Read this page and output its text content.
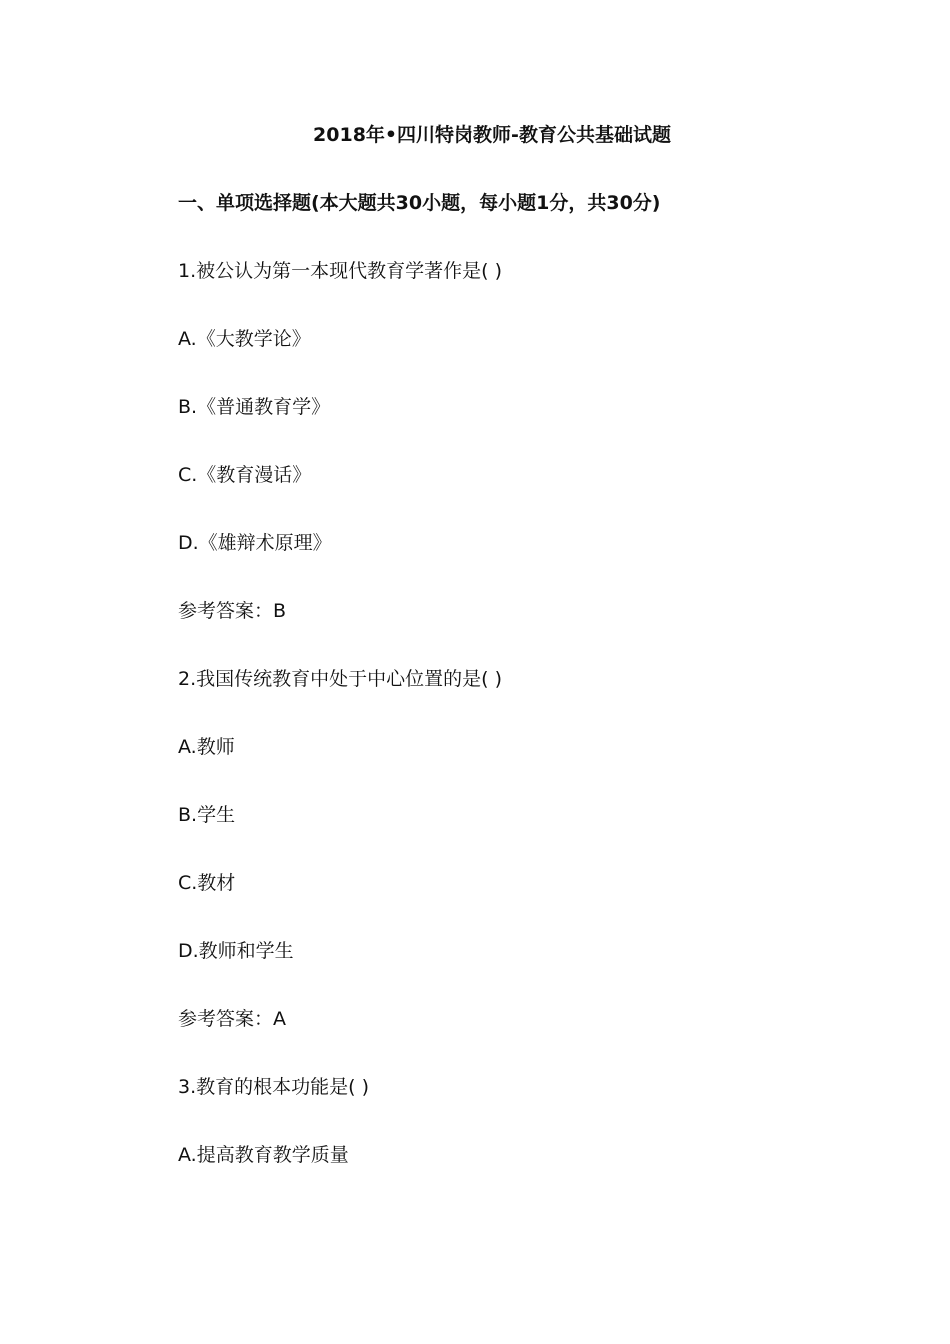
2018年•四川特岗教师-教育公共基础试题
一、单项选择题(本大题共30小题，每小题1分，共30分)
1.被公认为第一本现代教育学著作是( )
A.《大教学论》
B.《普通教育学》
C.《教育漫话》
D.《雄辩术原理》
参考答案：B
2.我国传统教育中处于中心位置的是( )
A.教师
B.学生
C.教材
D.教师和学生
参考答案：A
3.教育的根本功能是( )
A.提高教育教学质量
